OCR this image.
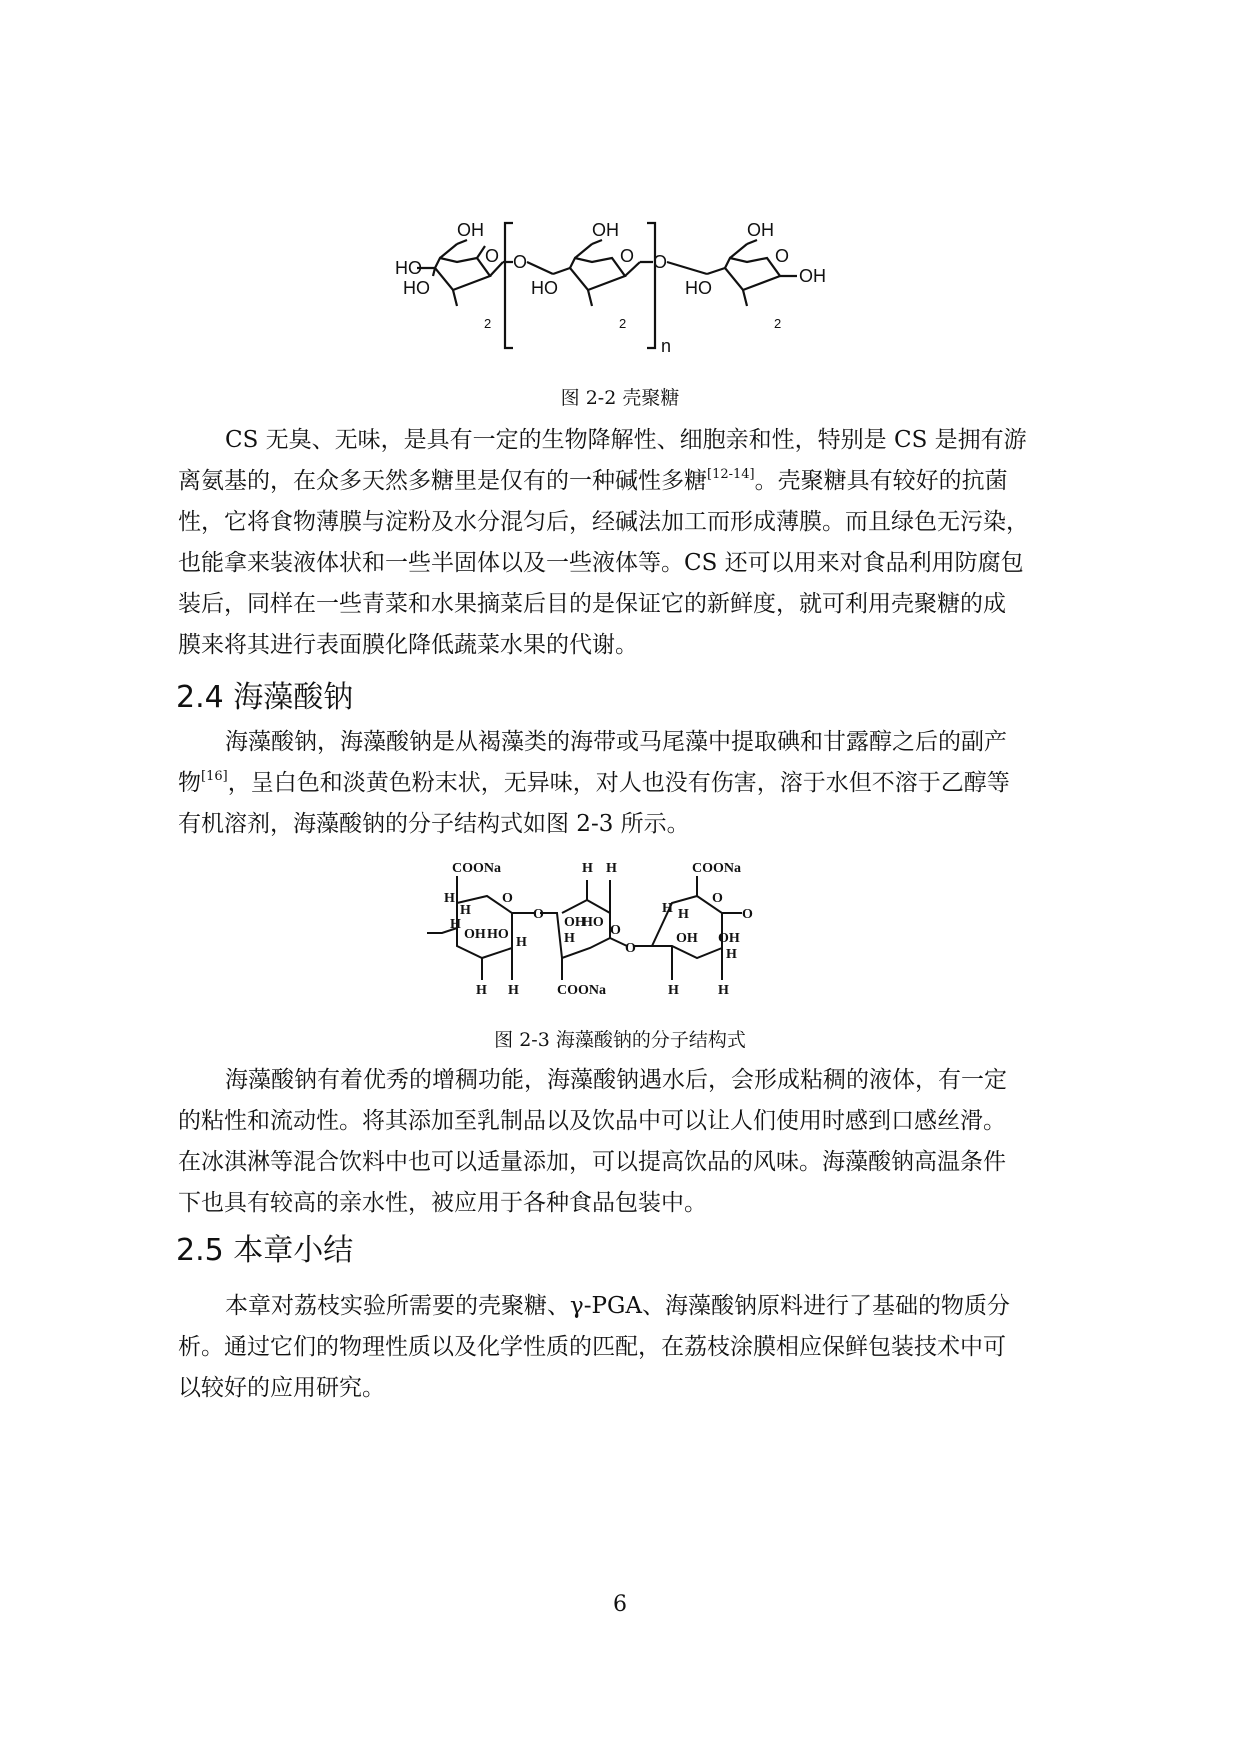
OH
HO
HO
O
2
O
OH
O
HO
2
O
OH
O
HO
OH
2
n
图 2-2 壳聚糖
CS 无臭、无味，是具有一定的生物降解性、细胞亲和性，特别是 CS 是拥有游
离氨基的，在众多天然多糖里是仅有的一种碱性多糖[12-14]。壳聚糖具有较好的抗菌
性，它将食物薄膜与淀粉及水分混匀后，经碱法加工而形成薄膜。而且绿色无污染，
也能拿来装液体状和一些半固体以及一些液体等。CS 还可以用来对食品利用防腐包
装后，同样在一些青菜和水果摘菜后目的是保证它的新鲜度，就可利用壳聚糖的成
膜来将其进行表面膜化降低蔬菜水果的代谢。
2.4 海藻酸钠
海藻酸钠，海藻酸钠是从褐藻类的海带或马尾藻中提取碘和甘露醇之后的副产
物[16]，呈白色和淡黄色粉末状，无异味，对人也没有伤害，溶于水但不溶于乙醇等
有机溶剂，海藻酸钠的分子结构式如图 2-3 所示。
COONa
H
H
O
OH HO
H
H
H H
O
H H
OH
HO
H
O
COONa
O
COONa
H H
OH OH
O
H
H	H
O
图 2-3 海藻酸钠的分子结构式
海藻酸钠有着优秀的增稠功能，海藻酸钠遇水后，会形成粘稠的液体，有一定
的粘性和流动性。将其添加至乳制品以及饮品中可以让人们使用时感到口感丝滑。
在冰淇淋等混合饮料中也可以适量添加，可以提高饮品的风味。海藻酸钠高温条件
下也具有较高的亲水性，被应用于各种食品包装中。
2.5 本章小结
本章对荔枝实验所需要的壳聚糖、γ-PGA、海藻酸钠原料进行了基础的物质分
析。通过它们的物理性质以及化学性质的匹配，在荔枝涂膜相应保鲜包装技术中可
以较好的应用研究。
6
